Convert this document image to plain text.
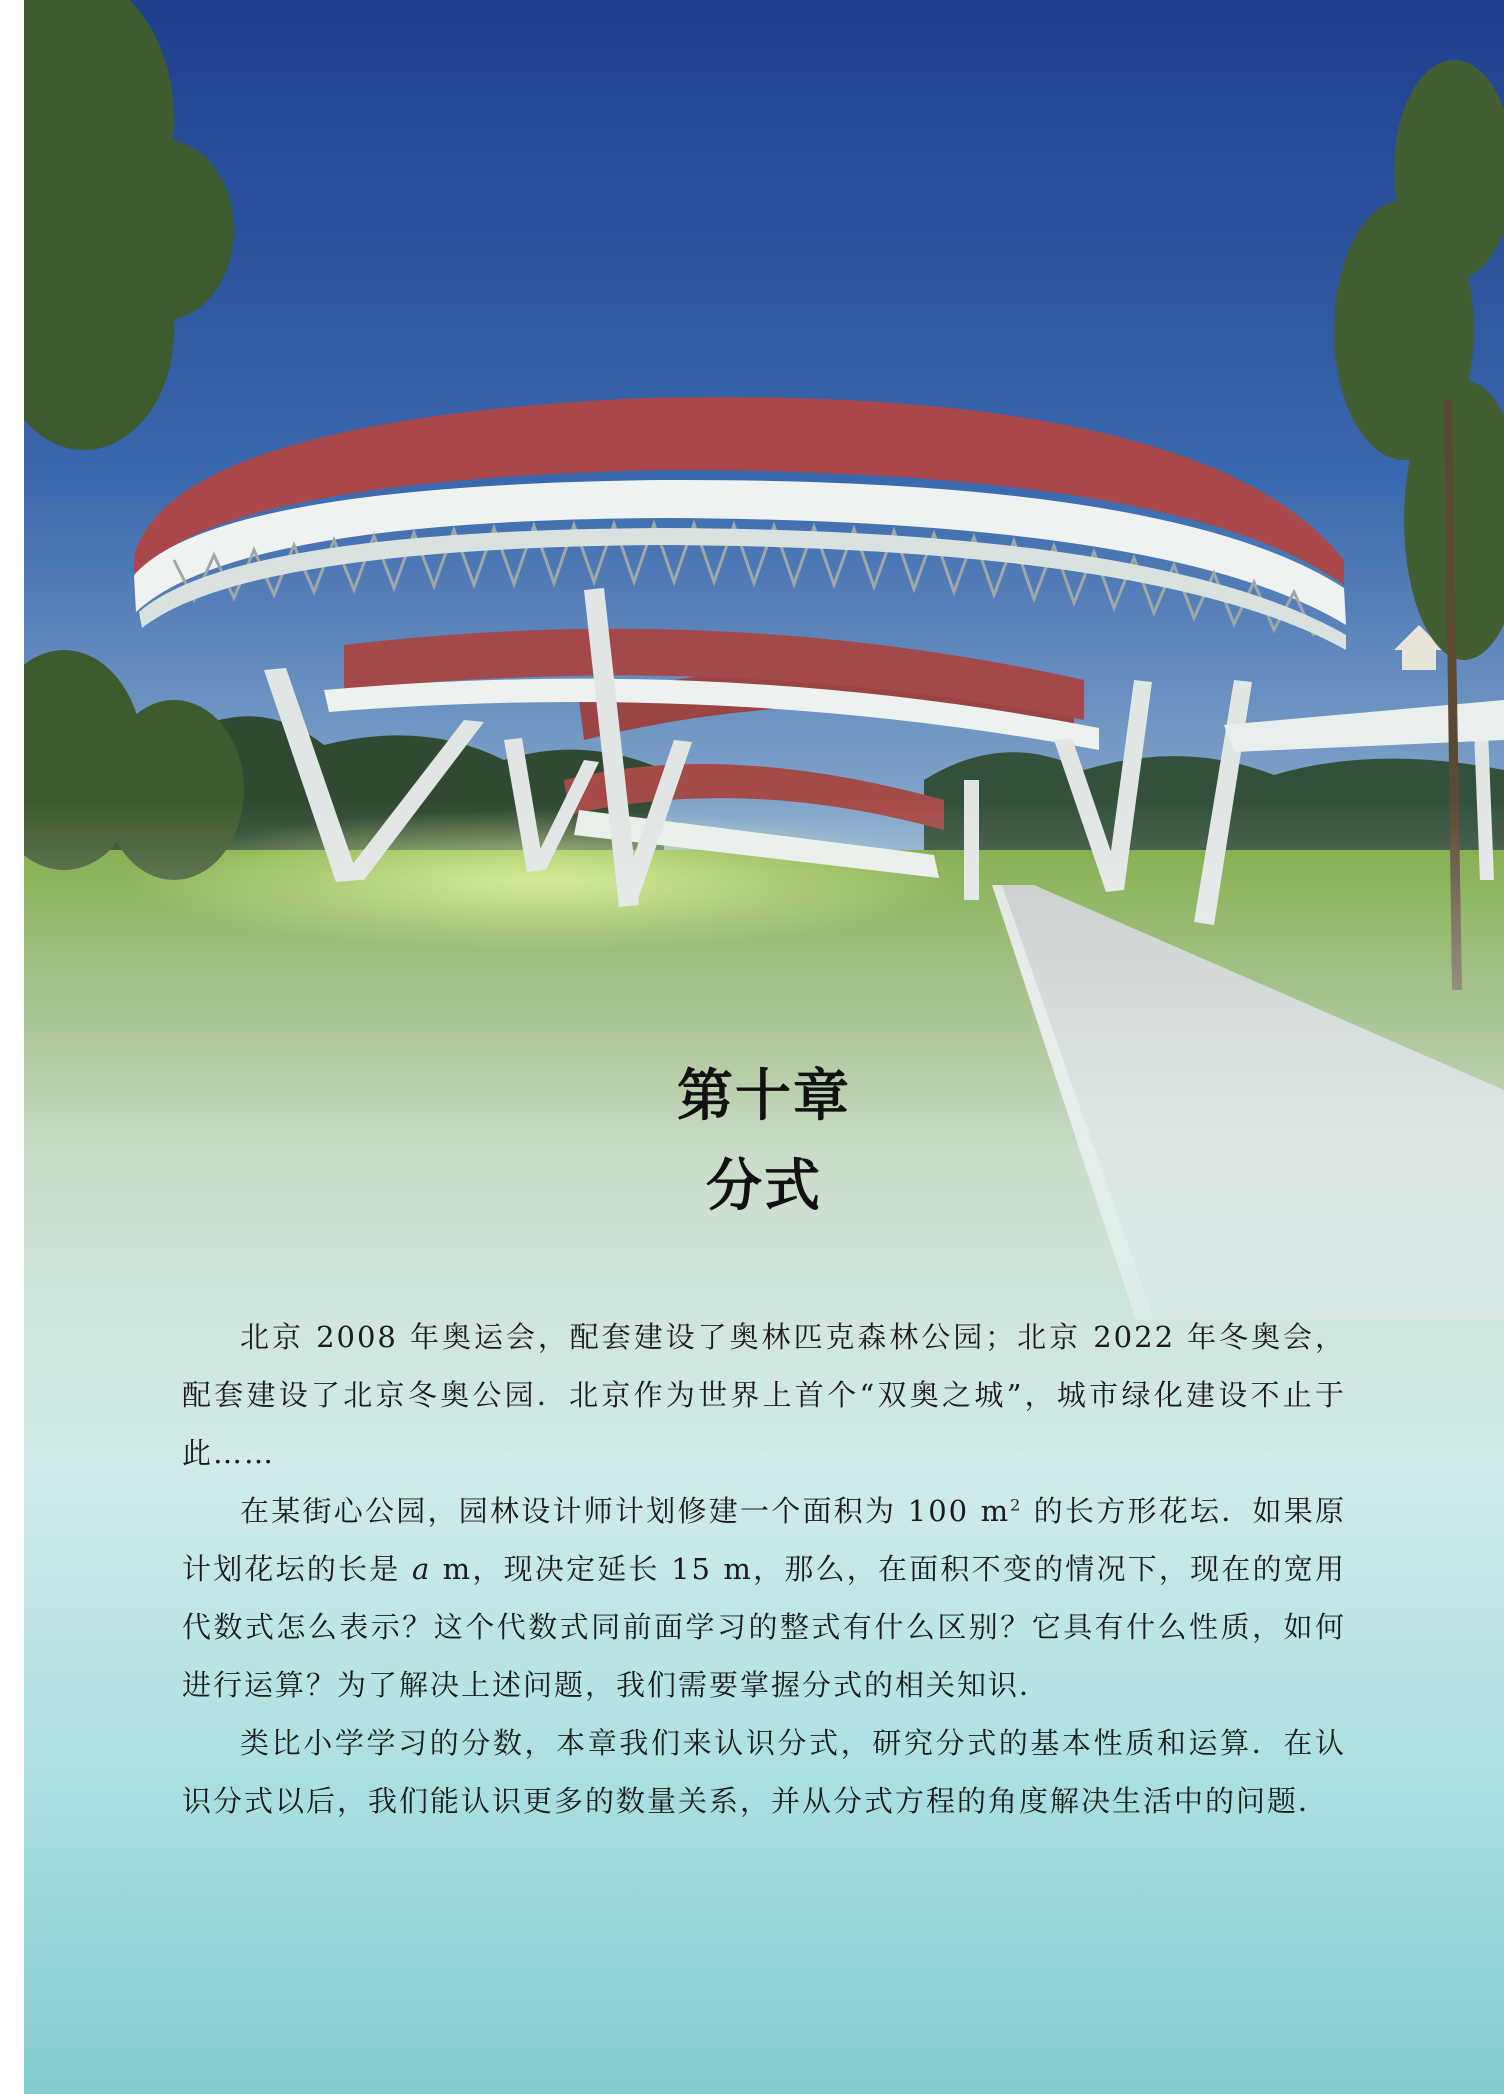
第十章
分式

北京 2008 年奥运会，配套建设了奥林匹克森林公园；北京 2022 年冬奥会，配套建设了北京冬奥公园．北京作为世界上首个“双奥之城”，城市绿化建设不止于此……

在某街心公园，园林设计师计划修建一个面积为 100 $m^2$ 的长方形花坛．如果原计划花坛的长是 a m，现决定延长 15 m，那么，在面积不变的情况下，现在的宽用代数式怎么表示？这个代数式同前面学习的整式有什么区别？它具有什么性质，如何进行运算？为了解决上述问题，我们需要掌握分式的相关知识．

类比小学学习的分数，本章我们来认识分式，研究分式的基本性质和运算．在认识分式以后，我们能认识更多的数量关系，并从分式方程的角度解决生活中的问题．
